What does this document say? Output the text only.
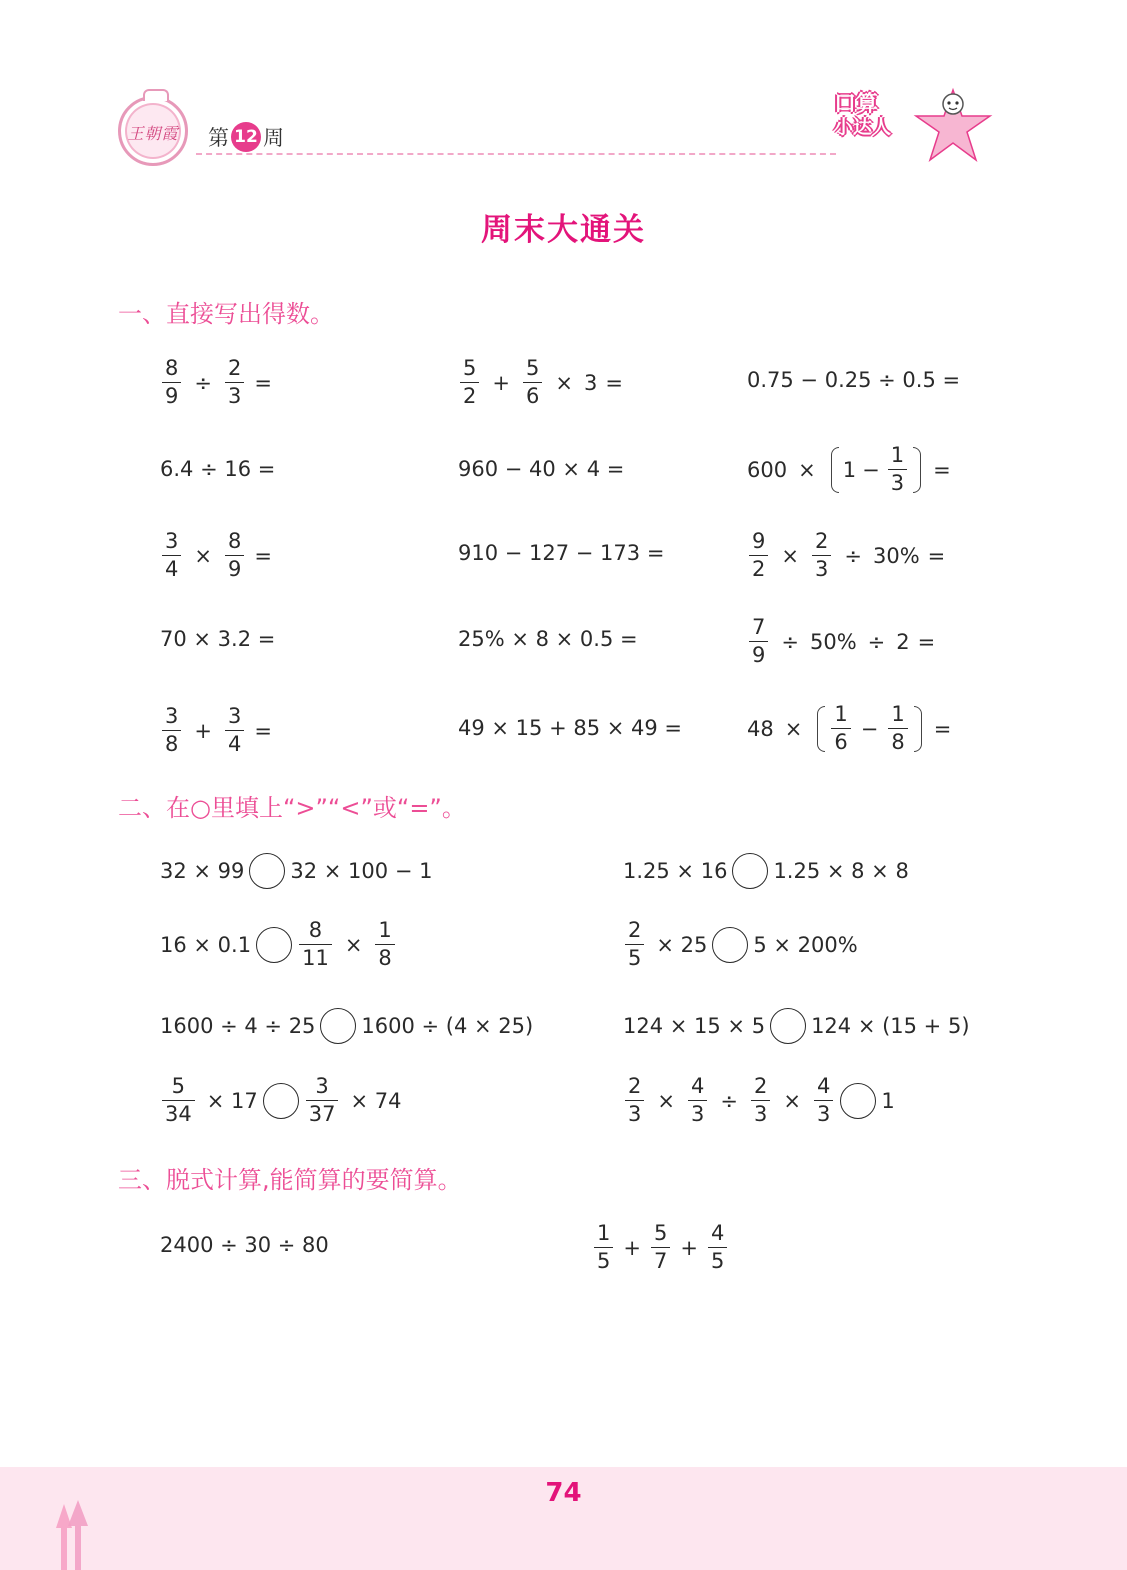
王朝霞	第 12 周
口算
小达人
周末大通关
一、直接写出得数。
$\frac{8}{9} \div \frac{2}{3}$ =	$\frac{5}{2} + \frac{5}{6} \times 3$ =	0.75 − 0.25 ÷ 0.5 =
6.4 ÷ 16 =	960 − 40 × 4 =	$600 \times 1 - \frac{1}{3}$ =
$\frac{3}{4} \times \frac{8}{9}$ =	910 − 127 − 173 =	$\frac{9}{2} \times \frac{2}{3} \div 30\%$ =
70 × 3.2 =	25% × 8 × 0.5 =	$\frac{7}{9} \div 50\% \div 2$ =
$\frac{3}{8} + \frac{3}{4}$ =	49 × 15 + 85 × 49 =	$48 \times \frac{1}{6} - \frac{1}{8}$ =
二、在○里填上“>”“<”或“=”。
32 × 99 32 × 100 − 1	1.25 × 16 1.25 × 8 × 8
$16 \times 0.1 \frac{8}{11} \times \frac{1}{8}$	$\frac{2}{5} \times 25$ 5 × 200%
1600 ÷ 4 ÷ 25 1600 ÷ (4 × 25)	124 × 15 × 5 124 × (15 + 5)
$\frac{5}{34} \times 17 \frac{3}{37} \times 74$	$\frac{2}{3} \times \frac{4}{3} \div \frac{2}{3} \times \frac{4}{3} 1$
三、脱式计算,能简算的要简算。
2400 ÷ 30 ÷ 80	$\frac{1}{5} + \frac{5}{7} + \frac{4}{5}$
74
